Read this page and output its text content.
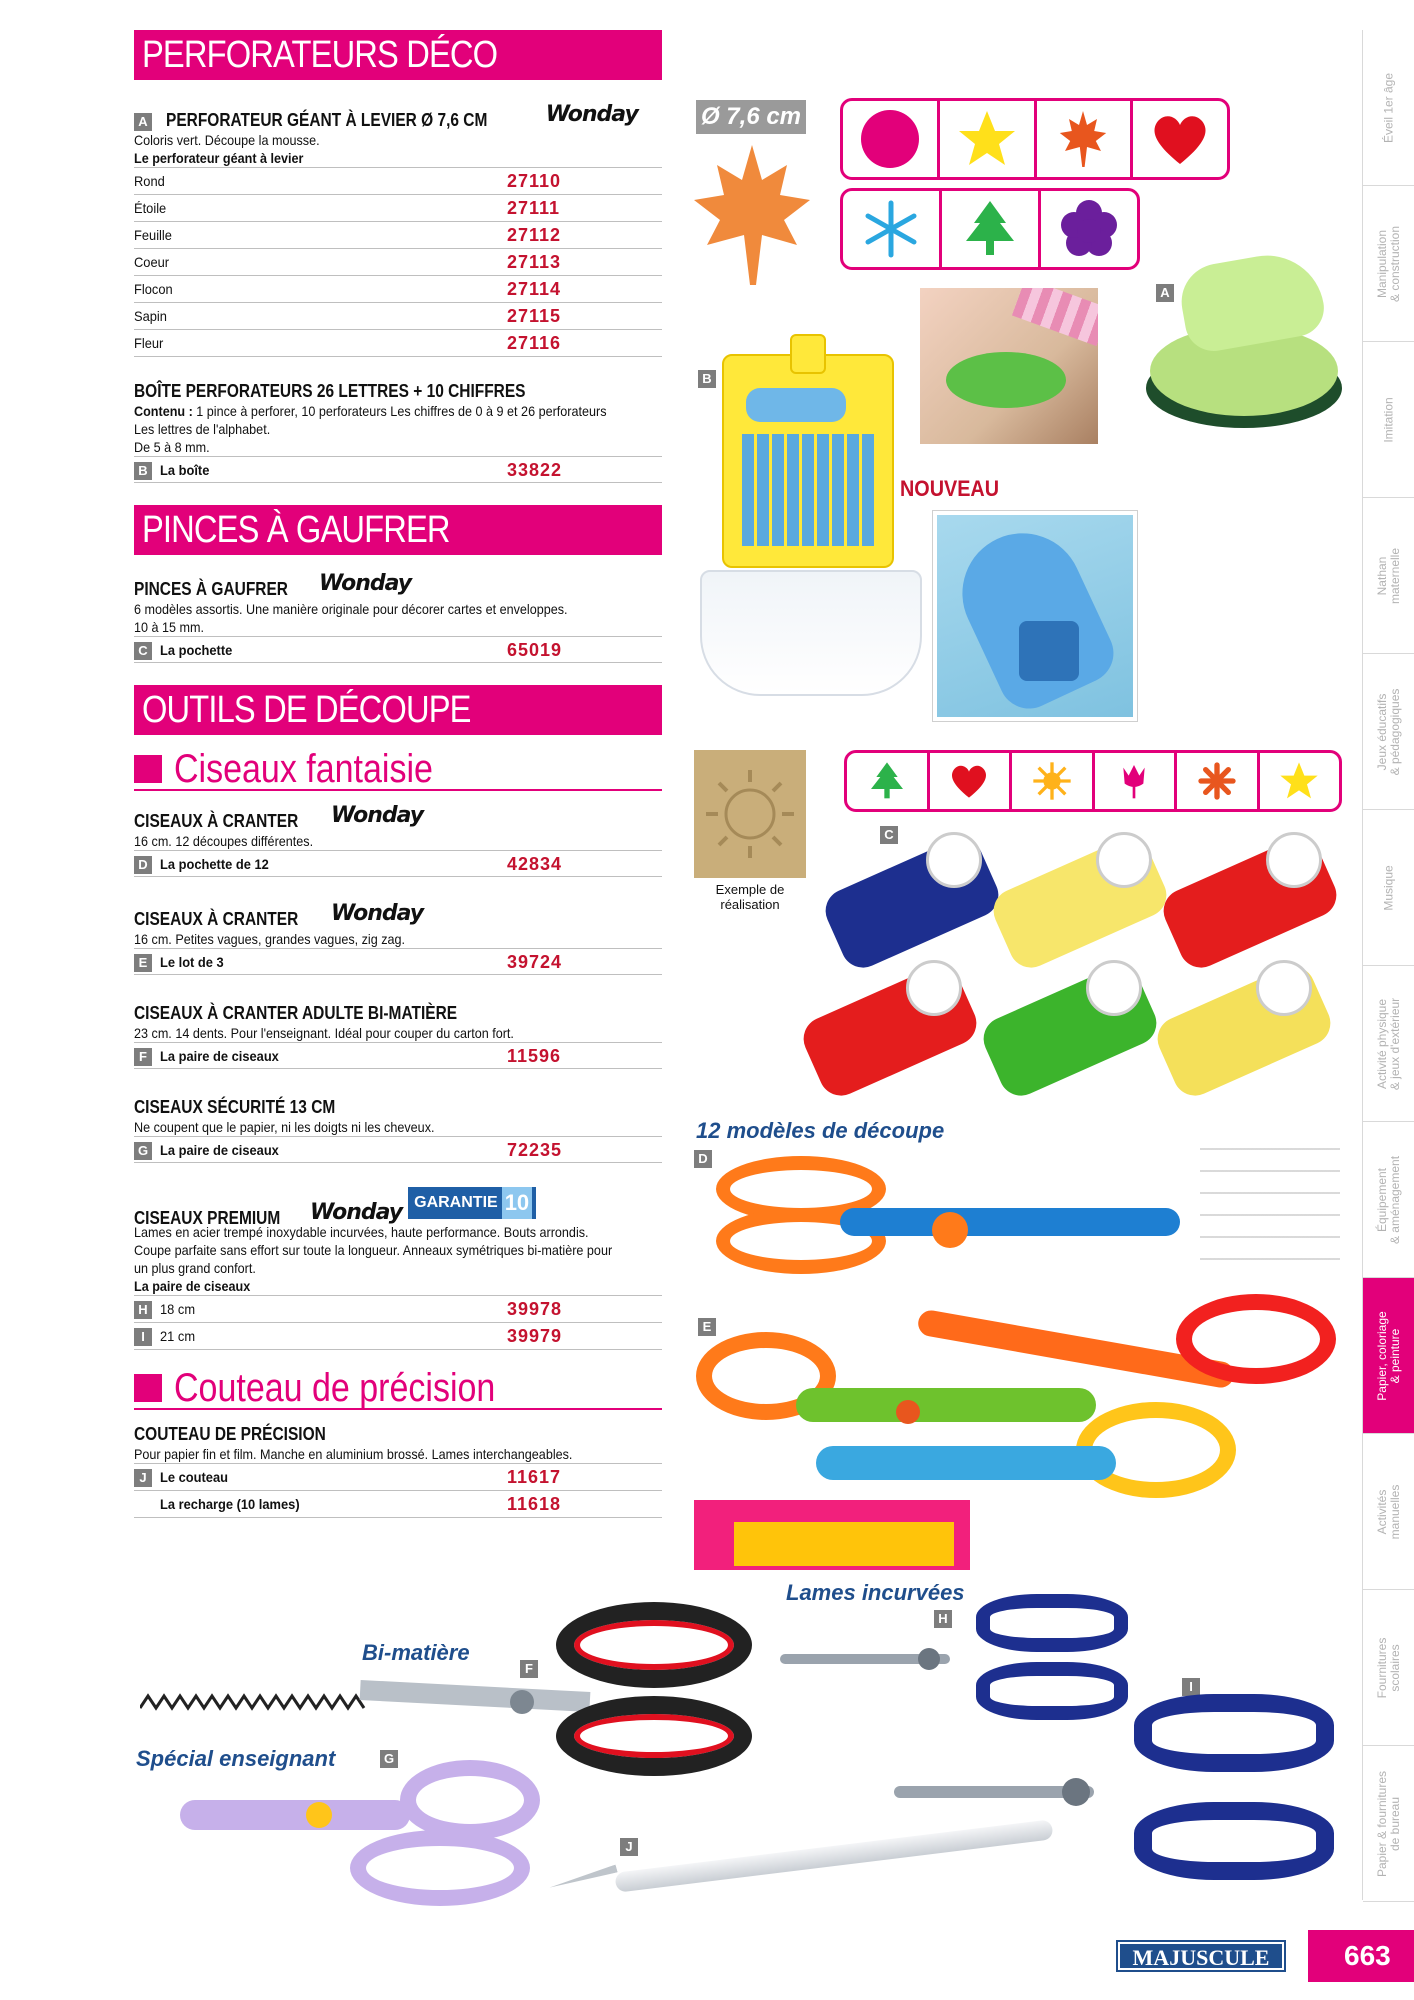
PERFORATEURS DÉCO
A PERFORATEUR GÉANT À LEVIER Ø 7,6 CM	Wonday
Coloris vert. Découpe la mousse.
Le perforateur géant à levier
Rond	27110
Étoile	27111
Feuille	27112
Coeur	27113
Flocon	27114
Sapin	27115
Fleur	27116
BOÎTE PERFORATEURS 26 LETTRES + 10 CHIFFRES
Contenu : 1 pince à perforer, 10 perforateurs Les chiffres de 0 à 9 et 26 perforateurs
Les lettres de l'alphabet.
De 5 à 8 mm.
B La boîte	33822
PINCES À GAUFRER
PINCES À GAUFRER Wonday
6 modèles assortis. Une manière originale pour décorer cartes et enveloppes.
10 à 15 mm.
C La pochette	65019
OUTILS DE DÉCOUPE
Ciseaux fantaisie
CISEAUX À CRANTER Wonday
16 cm. 12 découpes différentes.
D La pochette de 12	42834
CISEAUX À CRANTER Wonday
16 cm. Petites vagues, grandes vagues, zig zag.
E Le lot de 3	39724
CISEAUX À CRANTER ADULTE BI-MATIÈRE
23 cm. 14 dents. Pour l'enseignant. Idéal pour couper du carton fort.
F La paire de ciseaux	11596
CISEAUX SÉCURITÉ 13 CM
Ne coupent que le papier, ni les doigts ni les cheveux.
G La paire de ciseaux	72235
CISEAUX PREMIUM Wonday GARANTIE 10
Lames en acier trempé inoxydable incurvées, haute performance. Bouts arrondis.
Coupe parfaite sans effort sur toute la longueur. Anneaux symétriques bi-matière pour
un plus grand confort.
La paire de ciseaux
H 18 cm	39978
I	21 cm	39979
Couteau de précision
COUTEAU DE PRÉCISION
Pour papier fin et film. Manche en aluminium brossé. Lames interchangeables.
J Le couteau	11617
La recharge (10 lames)	11618
Ø 7,6 cm
A
B
NOUVEAU
Exemple de
réalisation
C
12 modèles de découpe
D
E
Lames incurvées
H
I
Bi-matière
F
Spécial enseignant	G
J
Éveil 1er âge
Manipulation
& construction
Imitation
Nathan
maternelle
Jeux éducatifs
& pédagogiques
Musique
Activité physique
& jeux d'extérieur
Équipement
& aménagement
Papier, coloriage
& peinture
Activités
manuelles
Fournitures
scolaires
Papier & fournitures
de bureau
MAJUSCULE	663
